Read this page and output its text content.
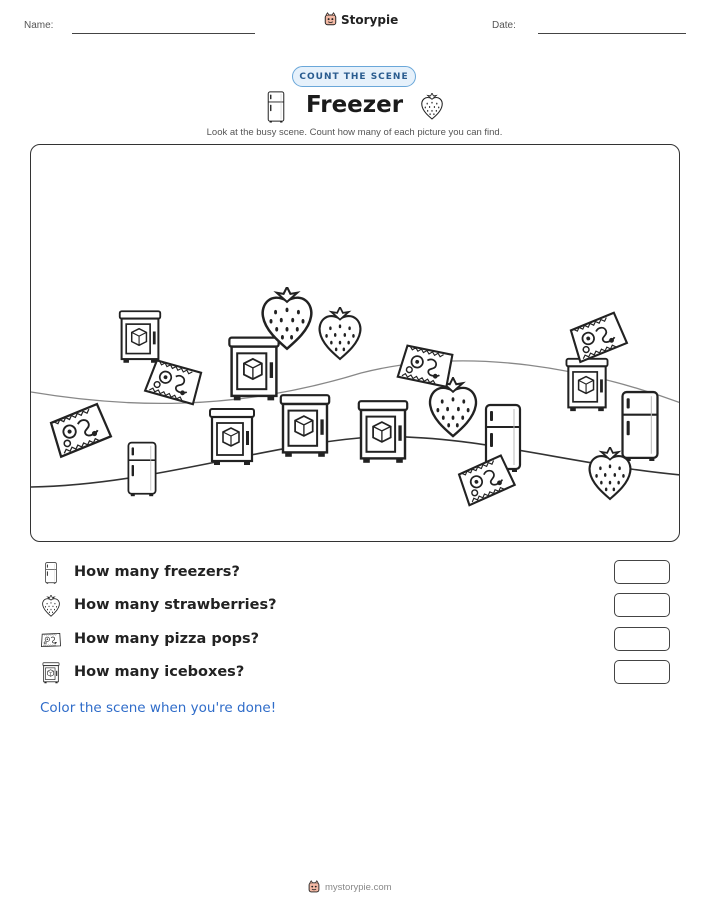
Name:	Storypie	Date:
COUNT THE SCENE
Freezer
Look at the busy scene. Count how many of each picture you can find.
How many freezers?
How many strawberries?
How many pizza pops?
How many iceboxes?
Color the scene when you're done!
mystorypie.com
